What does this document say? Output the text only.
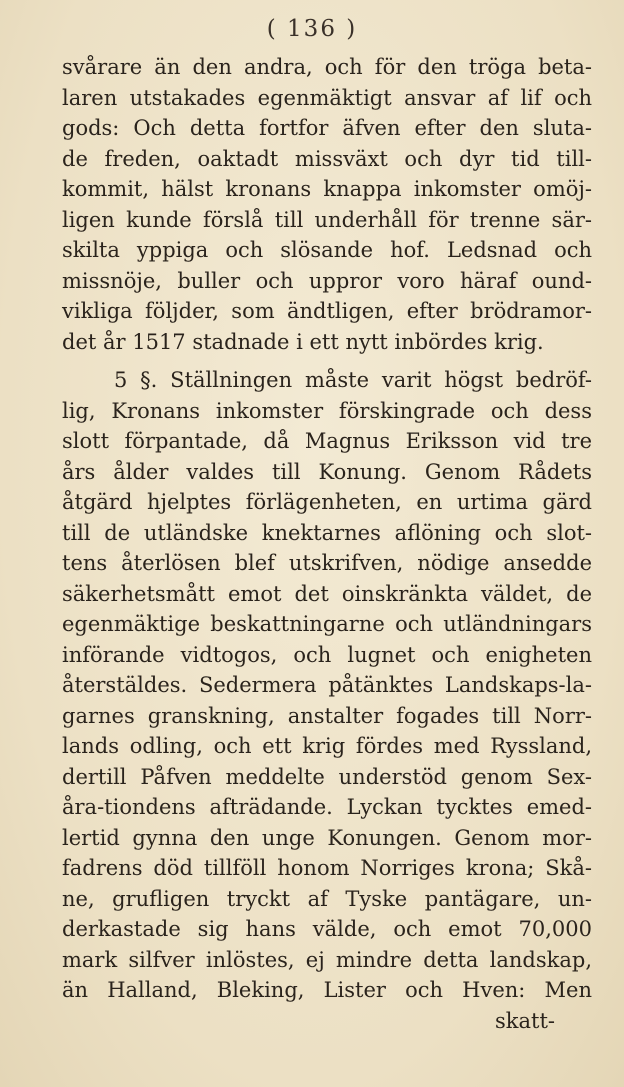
( 136 )
svårare än den andra, och för den tröga beta-
laren utstakades egenmäktigt ansvar af lif och
gods: Och detta fortfor äfven efter den sluta-
de freden, oaktadt missväxt och dyr tid till-
kommit, hälst kronans knappa inkomster omöj-
ligen kunde förslå till underhåll för trenne sär-
skilta yppiga och slösande hof. Ledsnad och
missnöje, buller och uppror voro häraf ound-
vikliga följder, som ändtligen, efter brödramor-
det år 1517 stadnade i ett nytt inbördes krig.
5 §. Ställningen måste varit högst bedröf-
lig, Kronans inkomster förskingrade och dess
slott förpantade, då Magnus Eriksson vid tre
års ålder valdes till Konung. Genom Rådets
åtgärd hjelptes förlägenheten, en urtima gärd
till de utländske knektarnes aflöning och slot-
tens återlösen blef utskrifven, nödige ansedde
säkerhetsmått emot det oinskränkta väldet, de
egenmäktige beskattningarne och utländningars
införande vidtogos, och lugnet och enigheten
återstäldes. Sedermera påtänktes Landskaps-la-
garnes granskning, anstalter fogades till Norr-
lands odling, och ett krig fördes med Ryssland,
dertill Påfven meddelte understöd genom Sex-
åra-tiondens afträdande. Lyckan tycktes emed-
lertid gynna den unge Konungen. Genom mor-
fadrens död tillföll honom Norriges krona; Skå-
ne, grufligen tryckt af Tyske pantägare, un-
derkastade sig hans välde, och emot 70,000
mark silfver inlöstes, ej mindre detta landskap,
än Halland, Bleking, Lister och Hven: Men
skatt-
